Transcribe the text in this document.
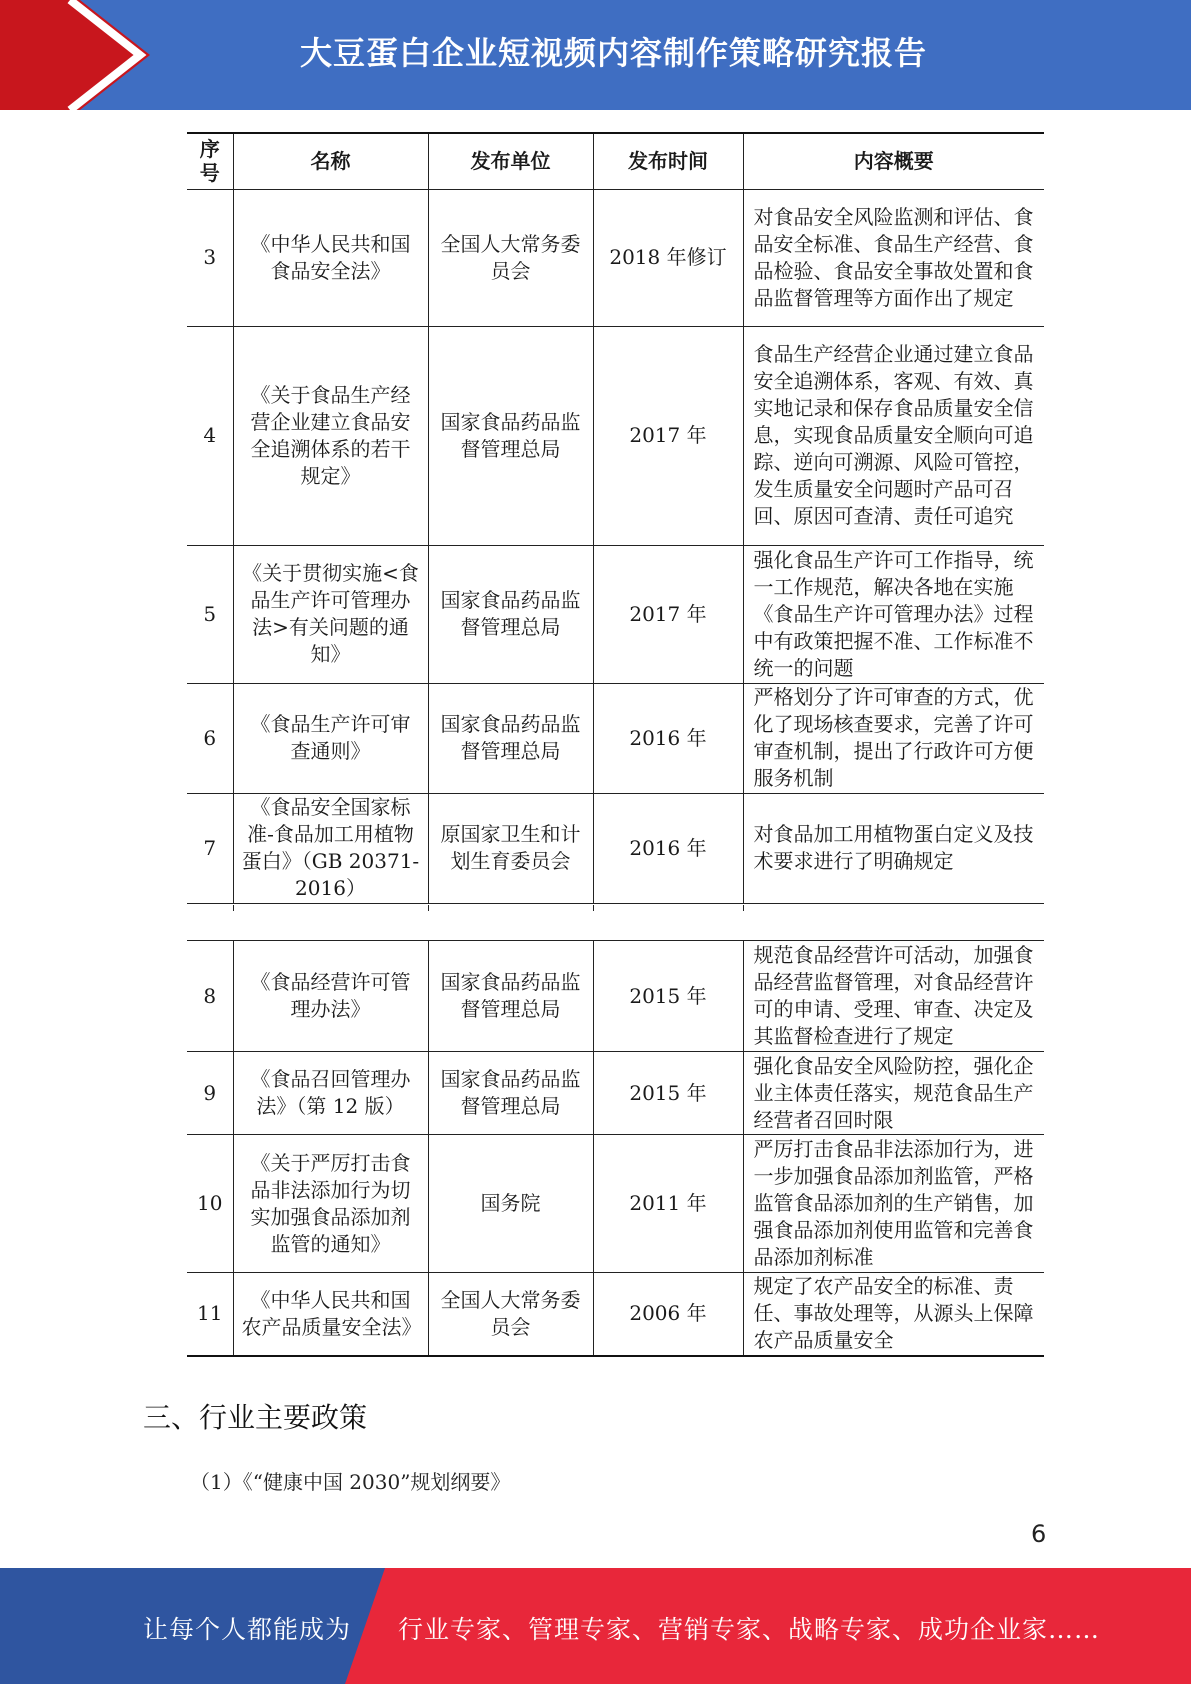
大豆蛋白企业短视频内容制作策略研究报告
序号	名称	发布单位	发布时间	内容概要
3	《中华人民共和国食品安全法》	全国人大常务委员会	2018 年修订	对食品安全风险监测和评估、食品安全标准、食品生产经营、食品检验、食品安全事故处置和食品监督管理等方面作出了规定
4	《关于食品生产经营企业建立食品安全追溯体系的若干规定》	国家食品药品监督管理总局	2017 年	食品生产经营企业通过建立食品安全追溯体系，客观、有效、真实地记录和保存食品质量安全信息，实现食品质量安全顺向可追踪、逆向可溯源、风险可管控，发生质量安全问题时产品可召回、原因可查清、责任可追究
5	《关于贯彻实施<食品生产许可管理办法>有关问题的通知》	国家食品药品监督管理总局	2017 年	强化食品生产许可工作指导，统一工作规范，解决各地在实施《食品生产许可管理办法》过程中有政策把握不准、工作标准不统一的问题
6	《食品生产许可审查通则》	国家食品药品监督管理总局	2016 年	严格划分了许可审查的方式，优化了现场核查要求，完善了许可审查机制，提出了行政许可方便服务机制
7	《食品安全国家标准-食品加工用植物蛋白》（GB 20371-2016）	原国家卫生和计划生育委员会	2016 年	对食品加工用植物蛋白定义及技术要求进行了明确规定
8	《食品经营许可管理办法》	国家食品药品监督管理总局	2015 年	规范食品经营许可活动，加强食品经营监督管理，对食品经营许可的申请、受理、审查、决定及其监督检查进行了规定
9	《食品召回管理办法》（第 12 版）	国家食品药品监督管理总局	2015 年	强化食品安全风险防控，强化企业主体责任落实，规范食品生产经营者召回时限
10	《关于严厉打击食品非法添加行为切实加强食品添加剂监管的通知》	国务院	2011 年	严厉打击食品非法添加行为，进一步加强食品添加剂监管，严格监管食品添加剂的生产销售，加强食品添加剂使用监管和完善食品添加剂标准
11	《中华人民共和国农产品质量安全法》	全国人大常务委员会	2006 年	规定了农产品安全的标准、责任、事故处理等，从源头上保障农产品质量安全
三、行业主要政策
（1）《“健康中国 2030”规划纲要》
6
让每个人都能成为 行业专家、管理专家、营销专家、战略专家、成功企业家……
